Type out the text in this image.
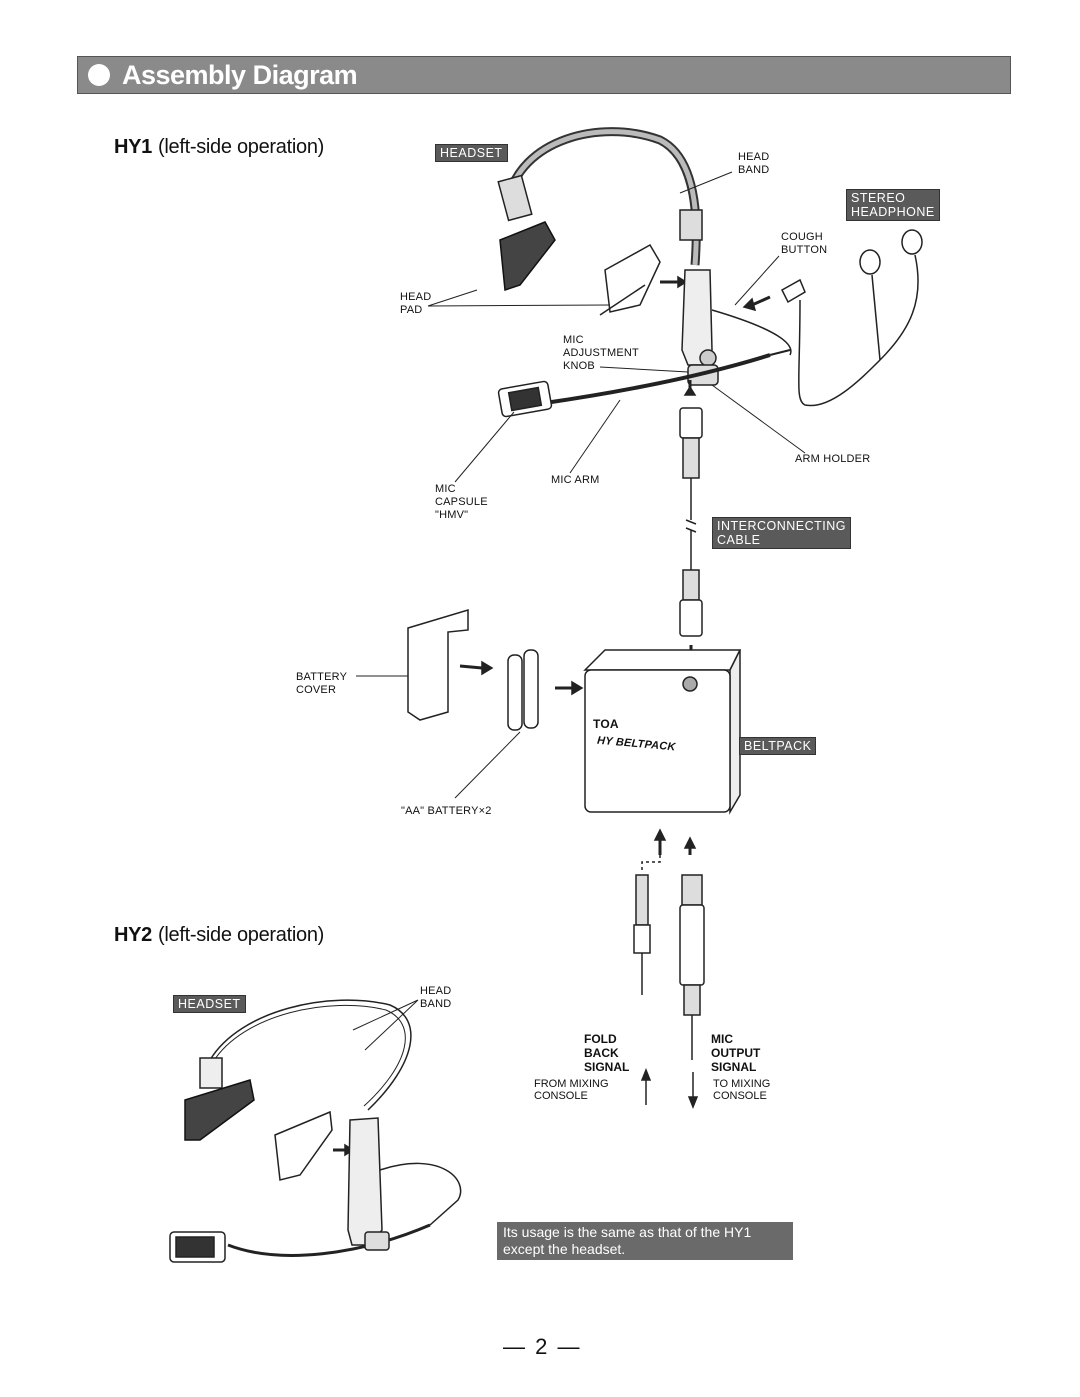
Assembly Diagram
HY1 (left-side operation)
HY2 (left-side operation)
HEADSET
STEREO
HEADPHONE
INTERCONNECTING
CABLE
BELTPACK
HEAD
BAND
COUGH
BUTTON
HEAD
PAD
MIC
ADJUSTMENT
KNOB
ARM HOLDER
MIC ARM
MIC
CAPSULE
"HMV"
BATTERY
COVER
"AA" BATTERY×2
TOA
HY BELTPACK
FOLD
BACK
SIGNAL
FROM MIXING
CONSOLE
MIC
OUTPUT
SIGNAL
TO MIXING
CONSOLE
HEADSET
HEAD
BAND
Its usage is the same as that of the HY1
except the headset.
— 2 —
